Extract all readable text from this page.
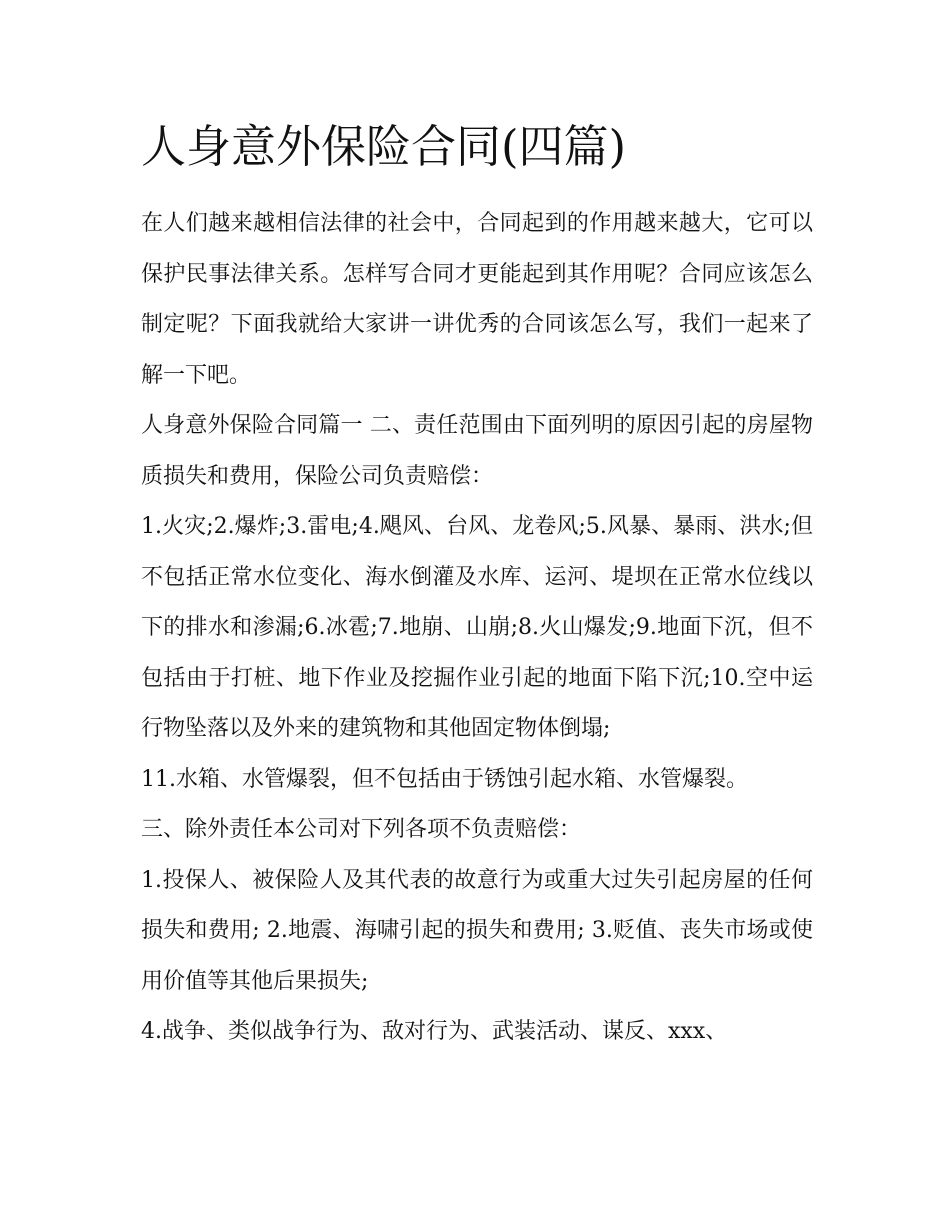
人身意外保险合同(四篇)

在人们越来越相信法律的社会中，合同起到的作用越来越大，它可以保护民事法律关系。怎样写合同才更能起到其作用呢？合同应该怎么制定呢？下面我就给大家讲一讲优秀的合同该怎么写，我们一起来了解一下吧。

人身意外保险合同篇一 二、责任范围由下面列明的原因引起的房屋物质损失和费用，保险公司负责赔偿：

1.火灾;2.爆炸;3.雷电;4.飓风、台风、龙卷风;5.风暴、暴雨、洪水;但不包括正常水位变化、海水倒灌及水库、运河、堤坝在正常水位线以下的排水和渗漏;6.冰雹;7.地崩、山崩;8.火山爆发;9.地面下沉，但不包括由于打桩、地下作业及挖掘作业引起的地面下陷下沉;10.空中运行物坠落以及外来的建筑物和其他固定物体倒塌;

11.水箱、水管爆裂，但不包括由于锈蚀引起水箱、水管爆裂。

三、除外责任本公司对下列各项不负责赔偿：

1.投保人、被保险人及其代表的故意行为或重大过失引起房屋的任何损失和费用; 2.地震、海啸引起的损失和费用; 3.贬值、丧失市场或使用价值等其他后果损失;

4.战争、类似战争行为、敌对行为、武装活动、谋反、xxx、
